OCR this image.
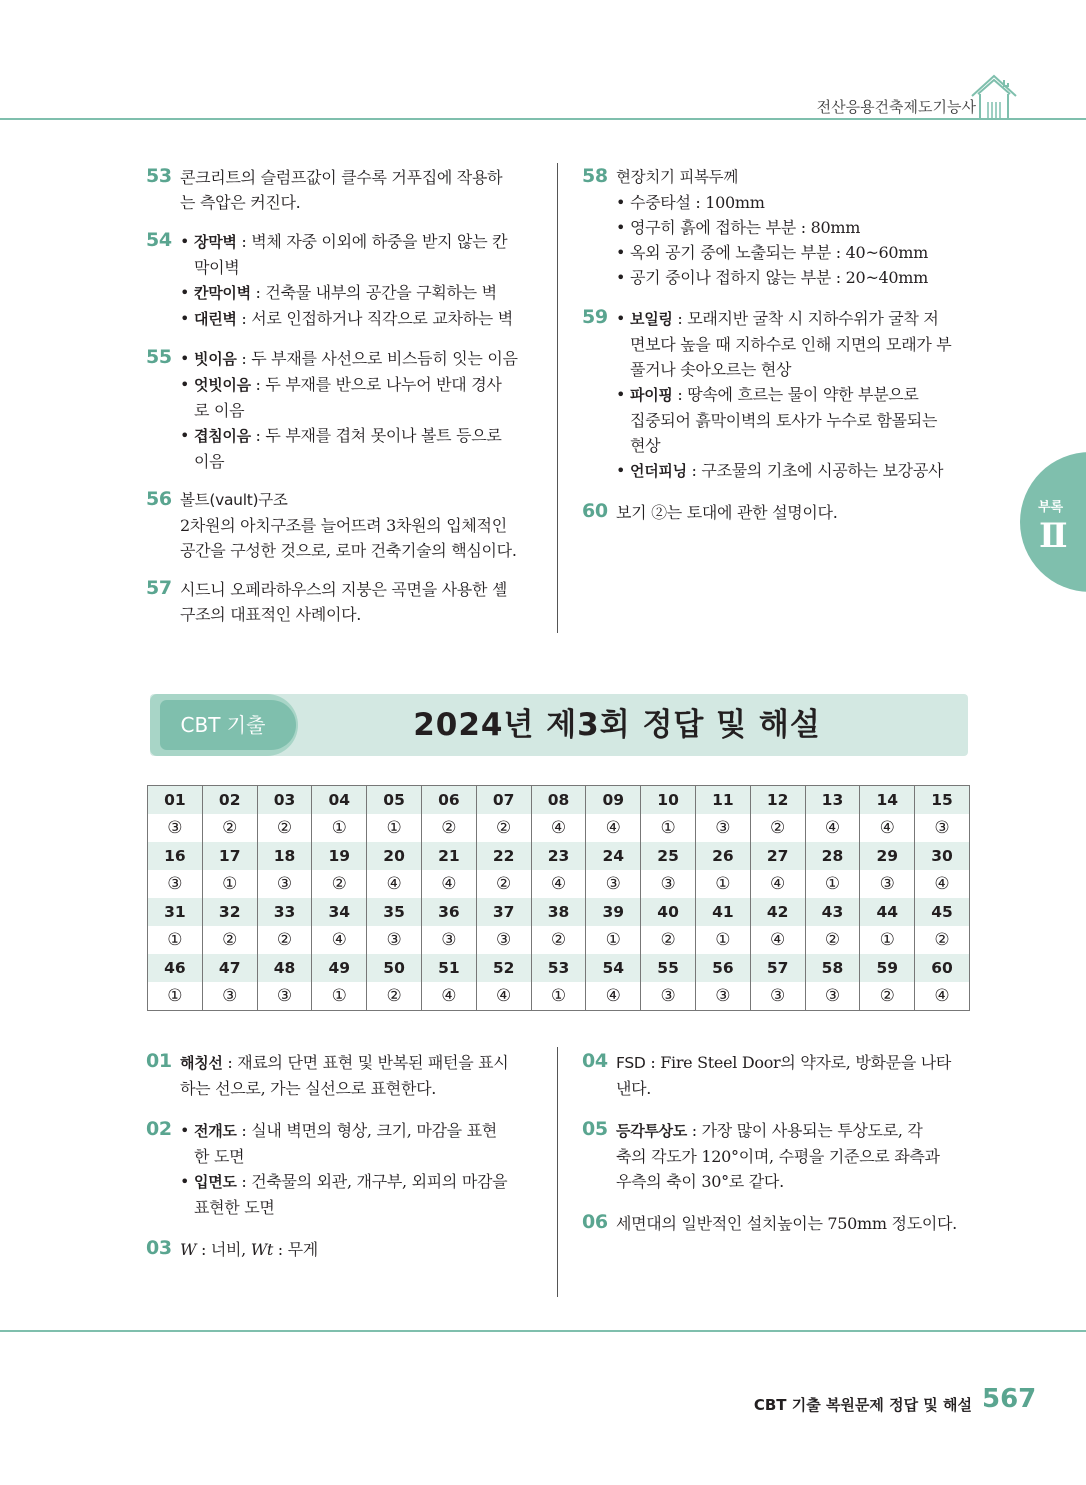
전산응용건축제도기능사
53 콘크리트의 슬럼프값이 클수록 거푸집에 작용하
는 측압은 커진다.
54	• 장막벽 : 벽체 자중 이외에 하중을 받지 않는 칸
막이벽
• 칸막이벽 : 건축물 내부의 공간을 구획하는 벽
• 대린벽 : 서로 인접하거나 직각으로 교차하는 벽
55	• 빗이음 : 두 부재를 사선으로 비스듬히 잇는 이음
• 엇빗이음 : 두 부재를 반으로 나누어 반대 경사
로 이음
• 겹침이음 : 두 부재를 겹쳐 못이나 볼트 등으로
이음
56 볼트(vault)구조
2차원의 아치구조를 늘어뜨려 3차원의 입체적인
공간을 구성한 것으로, 로마 건축기술의 핵심이다.
57 시드니 오페라하우스의 지붕은 곡면을 사용한 셸
구조의 대표적인 사례이다.
58 현장치기 피복두께
• 수중타설 : 100mm
• 영구히 흙에 접하는 부분 : 80mm
• 옥외 공기 중에 노출되는 부분 : 40~60mm
• 공기 중이나 접하지 않는 부분 : 20~40mm
59	• 보일링 : 모래지반 굴착 시 지하수위가 굴착 저
면보다 높을 때 지하수로 인해 지면의 모래가 부
풀거나 솟아오르는 현상
• 파이핑 : 땅속에 흐르는 물이 약한 부분으로
집중되어 흙막이벽의 토사가 누수로 함몰되는
현상
• 언더피닝 : 구조물의 기초에 시공하는 보강공사
60 보기 ②는 토대에 관한 설명이다.	부록
Ⅱ
CBT 기출	2024년 제3회 정답 및 해설
01	02	03	04	05	06	07	08	09	10	11	12	13	14	15
③	②	②	①	①	②	②	④	④	①	③	②	④	④	③
16	17	18	19	20	21	22	23	24	25	26	27	28	29	30
③	①	③	②	④	④	②	④	③	③	①	④	①	③	④
31	32	33	34	35	36	37	38	39	40	41	42	43	44	45
①	②	②	④	③	③	③	②	①	②	①	④	②	①	②
46	47	48	49	50	51	52	53	54	55	56	57	58	59	60
①	③	③	①	②	④	④	①	④	③	③	③	③	②	④
01 해칭선 : 재료의 단면 표현 및 반복된 패턴을 표시
하는 선으로, 가는 실선으로 표현한다.
02	• 전개도 : 실내 벽면의 형상, 크기, 마감을 표현
한 도면
• 입면도 : 건축물의 외관, 개구부, 외피의 마감을
표현한 도면
03 W : 너비, Wt : 무게
04 FSD : Fire Steel Door의 약자로, 방화문을 나타
낸다.
05 등각투상도 : 가장 많이 사용되는 투상도로, 각
축의 각도가 120°이며, 수평을 기준으로 좌측과
우측의 축이 30°로 같다.
06 세면대의 일반적인 설치높이는 750mm 정도이다.
CBT 기출 복원문제 정답 및 해설 567
